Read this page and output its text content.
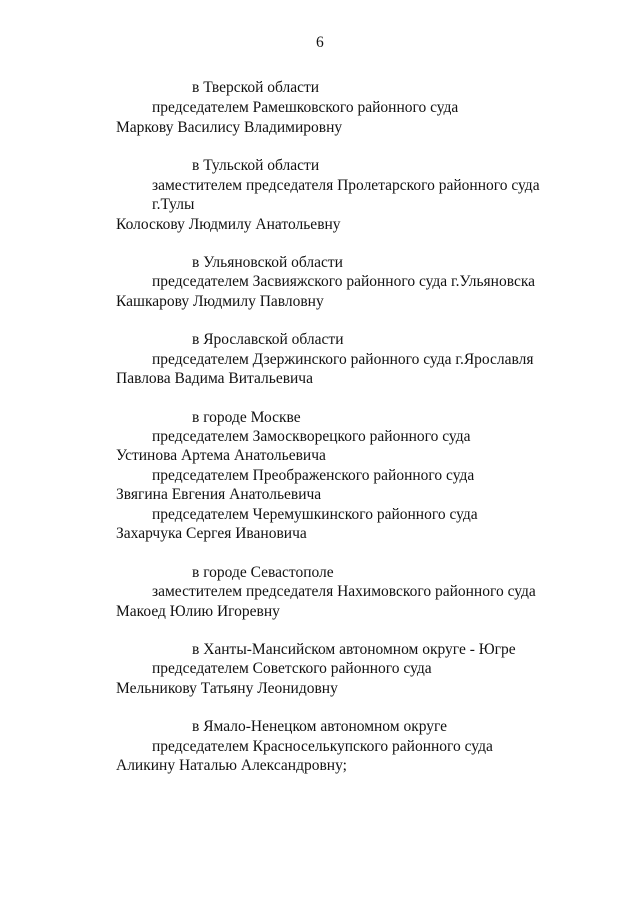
6
в Тверской области
председателем Рамешковского районного суда
Маркову Василису Владимировну
в Тульской области
заместителем председателя Пролетарского районного суда
г.Тулы
Колоскову Людмилу Анатольевну
в Ульяновской области
председателем Засвияжского районного суда г.Ульяновска
Кашкарову Людмилу Павловну
в Ярославской области
председателем Дзержинского районного суда г.Ярославля
Павлова Вадима Витальевича
в городе Москве
председателем Замоскворецкого районного суда
Устинова Артема Анатольевича
председателем Преображенского районного суда
Звягина Евгения Анатольевича
председателем Черемушкинского районного суда
Захарчука Сергея Ивановича
в городе Севастополе
заместителем председателя Нахимовского районного суда
Макоед Юлию Игоревну
в Ханты-Мансийском автономном округе - Югре
председателем Советского районного суда
Мельникову Татьяну Леонидовну
в Ямало-Ненецком автономном округе
председателем Красноселькупского районного суда
Аликину Наталью Александровну;
